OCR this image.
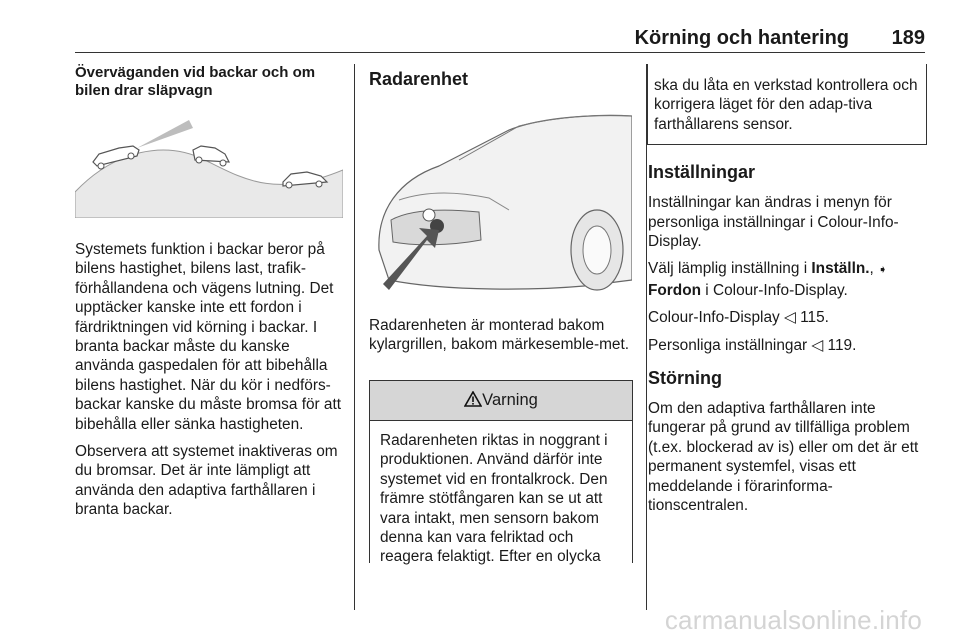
Körning och hantering 189
Överväganden vid backar och om bilen drar släpvagn

Systemets funktion i backar beror på bilens hastighet, bilens last, trafik-förhållandena och vägens lutning. Det upptäcker kanske inte ett fordon i färdriktningen vid körning i backar. I branta backar måste du kanske använda gaspedalen för att bibehålla bilens hastighet. När du kör i nedförs-backar kanske du måste bromsa för att bibehålla eller sänka hastigheten.

Observera att systemet inaktiveras om du bromsar. Det är inte lämpligt att använda den adaptiva farthållaren i branta backar.

Radarenhet

Radarenheten är monterad bakom kylargrillen, bakom märkesemble-met.

Varning
Radarenheten riktas in noggrant i produktionen. Använd därför inte systemet vid en frontalkrock. Den främre stötfångaren kan se ut att vara intakt, men sensorn bakom denna kan vara felriktad och reagera felaktigt. Efter en olycka
ska du låta en verkstad kontrollera och korrigera läget för den adap-tiva farthållarens sensor.
Inställningar

Inställningar kan ändras i menyn för personliga inställningar i Colour-Info-Display.

Välj lämplig inställning i Inställn., ➧
Fordon i Colour-Info-Display.

Colour-Info-Display ◁ 115.

Personliga inställningar ◁ 119.

Störning

Om den adaptiva farthållaren inte fungerar på grund av tillfälliga problem (t.ex. blockerad av is) eller om det är ett permanent systemfel, visas ett meddelande i förarinforma-tionscentralen.

carmanualsonline.info
